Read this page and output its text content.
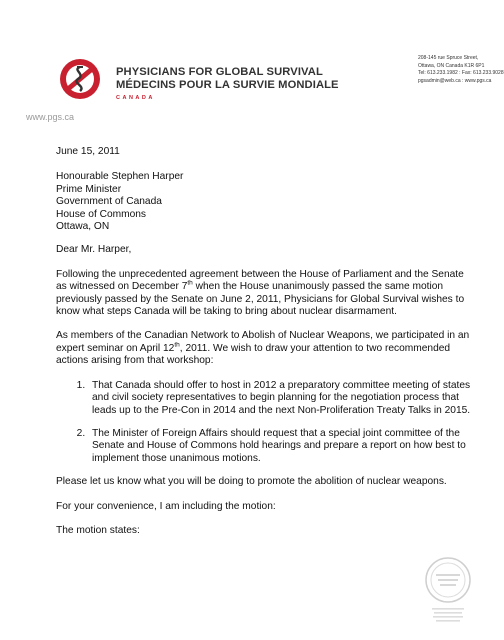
PHYSICIANS FOR GLOBAL SURVIVAL
MÉDECINS POUR LA SURVIE MONDIALE
CANADA
208-145 rue Spruce Street,
Ottawa, ON Canada K1R 6P1
Tel: 613.233.1982 : Fax: 613.233.9028
pgsadmin@web.ca : www.pgs.ca
www.pgs.ca

June 15, 2011

Honourable Stephen Harper

Prime Minister

Government of Canada

House of Commons

Ottawa, ON

Dear Mr. Harper,

Following the unprecedented agreement between the House of Parliament and the Senate as witnessed on December 7th when the House unanimously passed the same motion previously passed by the Senate on June 2, 2011, Physicians for Global Survival wishes to know what steps Canada will be taking to bring about nuclear disarmament.

As members of the Canadian Network to Abolish of Nuclear Weapons, we participated in an expert seminar on April 12th, 2011. We wish to draw your attention to two recommended actions arising from that workshop:

1. That Canada should offer to host in 2012 a preparatory committee meeting of states and civil society representatives to begin planning for the negotiation process that leads up to the Pre-Con in 2014 and the next Non-Proliferation Treaty Talks in 2015.
2. The Minister of Foreign Affairs should request that a special joint committee of the Senate and House of Commons hold hearings and prepare a report on how best to implement those unanimous motions.

Please let us know what you will be doing to promote the abolition of nuclear weapons.

For your convenience, I am including the motion:

The motion states:
